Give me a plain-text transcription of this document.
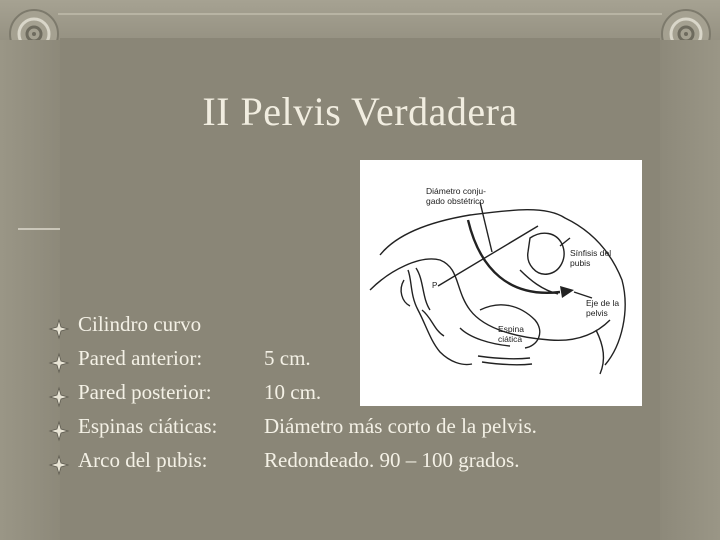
II Pelvis Verdadera
Diámetro conju-
gado obstétrico
Sínfisis del
pubis
Eje de la
pelvis
Espina
ciática
P
Cilindro curvo
Pared anterior:	5 cm.
Pared posterior: 10 cm.
Espinas ciáticas: Diámetro más corto de la pelvis.
Arco del pubis:	Redondeado. 90 – 100 grados.
